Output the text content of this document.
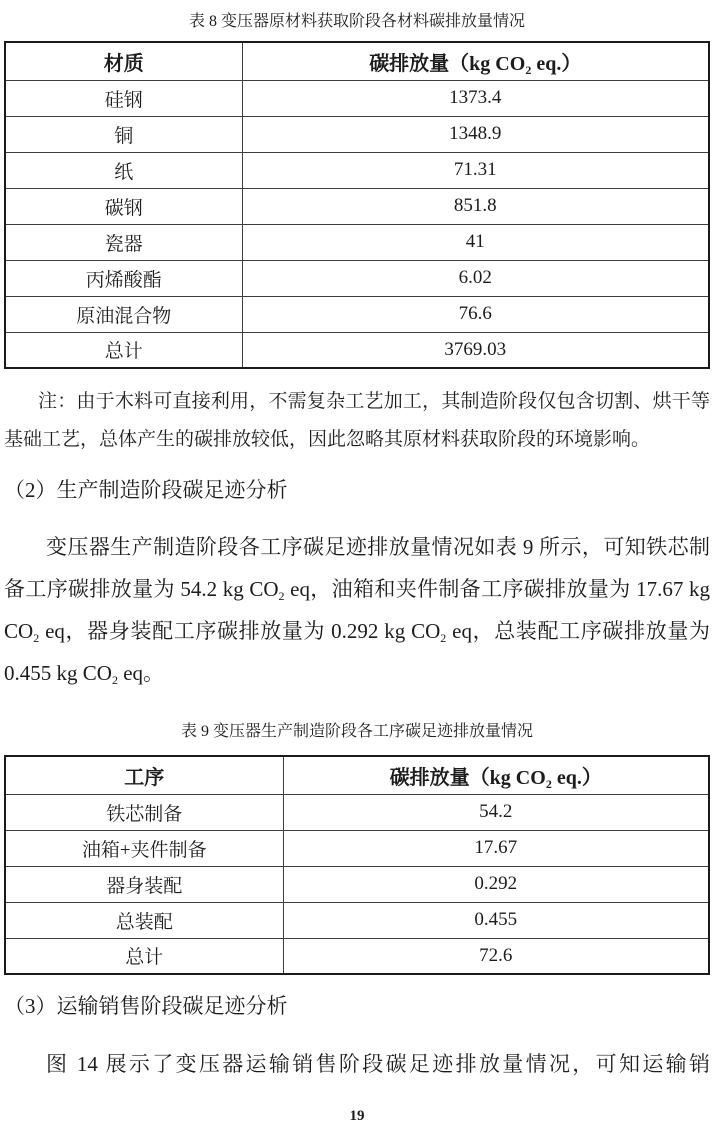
表 8 变压器原材料获取阶段各材料碳排放量情况
材质	碳排放量（kg $CO_2$ eq.）
硅钢	1373.4
铜	1348.9
纸	71.31
碳钢	851.8
瓷器	41
丙烯酸酯	6.02
原油混合物	76.6
总计	3769.03

注：由于木料可直接利用，不需复杂工艺加工，其制造阶段仅包含切割、烘干等基础工艺，总体产生的碳排放较低，因此忽略其原材料获取阶段的环境影响。

（2）生产制造阶段碳足迹分析

变压器生产制造阶段各工序碳足迹排放量情况如表 9 所示，可知铁芯制备工序碳排放量为 54.2 kg $CO_2$ eq，油箱和夹件制备工序碳排放量为 17.67 kg $CO_2$ eq，器身装配工序碳排放量为 0.292 kg $CO_2$ eq，总装配工序碳排放量为 0.455 kg $CO_2$ eq。

表 9 变压器生产制造阶段各工序碳足迹排放量情况
工序	碳排放量（kg $CO_2$ eq.）
铁芯制备	54.2
油箱+夹件制备	17.67
器身装配	0.292
总装配	0.455
总计	72.6
（3）运输销售阶段碳足迹分析

图 14 展示了变压器运输销售阶段碳足迹排放量情况，可知运输销

19
